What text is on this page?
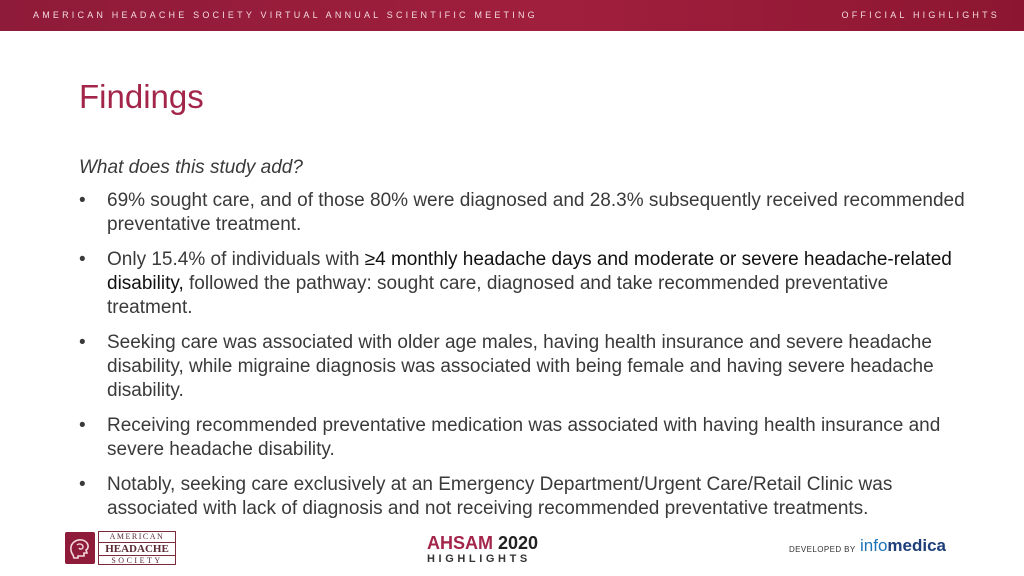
AMERICAN HEADACHE SOCIETY VIRTUAL ANNUAL SCIENTIFIC MEETING	OFFICIAL HIGHLIGHTS
Findings
What does this study add?
•	69% sought care, and of those 80% were diagnosed and 28.3% subsequently received recommended preventative treatment.
•	Only 15.4% of individuals with ≥4 monthly headache days and moderate or severe headache-related disability, followed the pathway: sought care, diagnosed and take recommended preventative treatment.
•	Seeking care was associated with older age males, having health insurance and severe headache disability, while migraine diagnosis was associated with being female and having severe headache disability.
•	Receiving recommended preventative medication was associated with having health insurance and severe headache disability.
•	Notably, seeking care exclusively at an Emergency Department/Urgent Care/Retail Clinic was associated with lack of diagnosis and not receiving recommended preventative treatments.
AMERICAN
HEADACHE
SOCIETY
AHSAM 2020
HIGHLIGHTS
DEVELOPED BY infomedica
